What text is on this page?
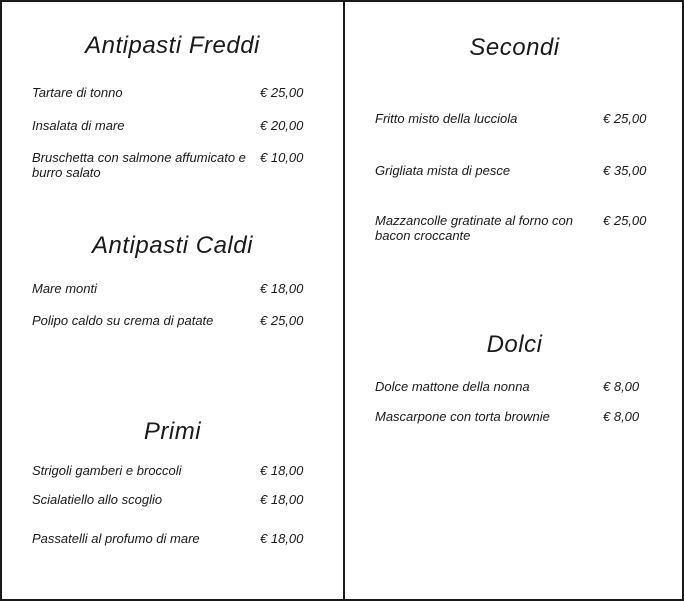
Antipasti Freddi
Tartare di tonno	€ 25,00
Insalata di mare	€ 20,00
Bruschetta con salmone affumicato e burro salato
€ 10,00
Antipasti Caldi
Mare monti	€ 18,00
Polipo caldo su crema di patate	€ 25,00
Primi
Strigoli gamberi e broccoli	€ 18,00
Scialatiello allo scoglio	€ 18,00
Passatelli al profumo di mare	€ 18,00
Secondi
Fritto misto della lucciola	€ 25,00
Grigliata mista di pesce	€ 35,00
Mazzancolle gratinate al forno con bacon croccante
€ 25,00
Dolci
Dolce mattone della nonna	€ 8,00
Mascarpone con torta brownie	€ 8,00
